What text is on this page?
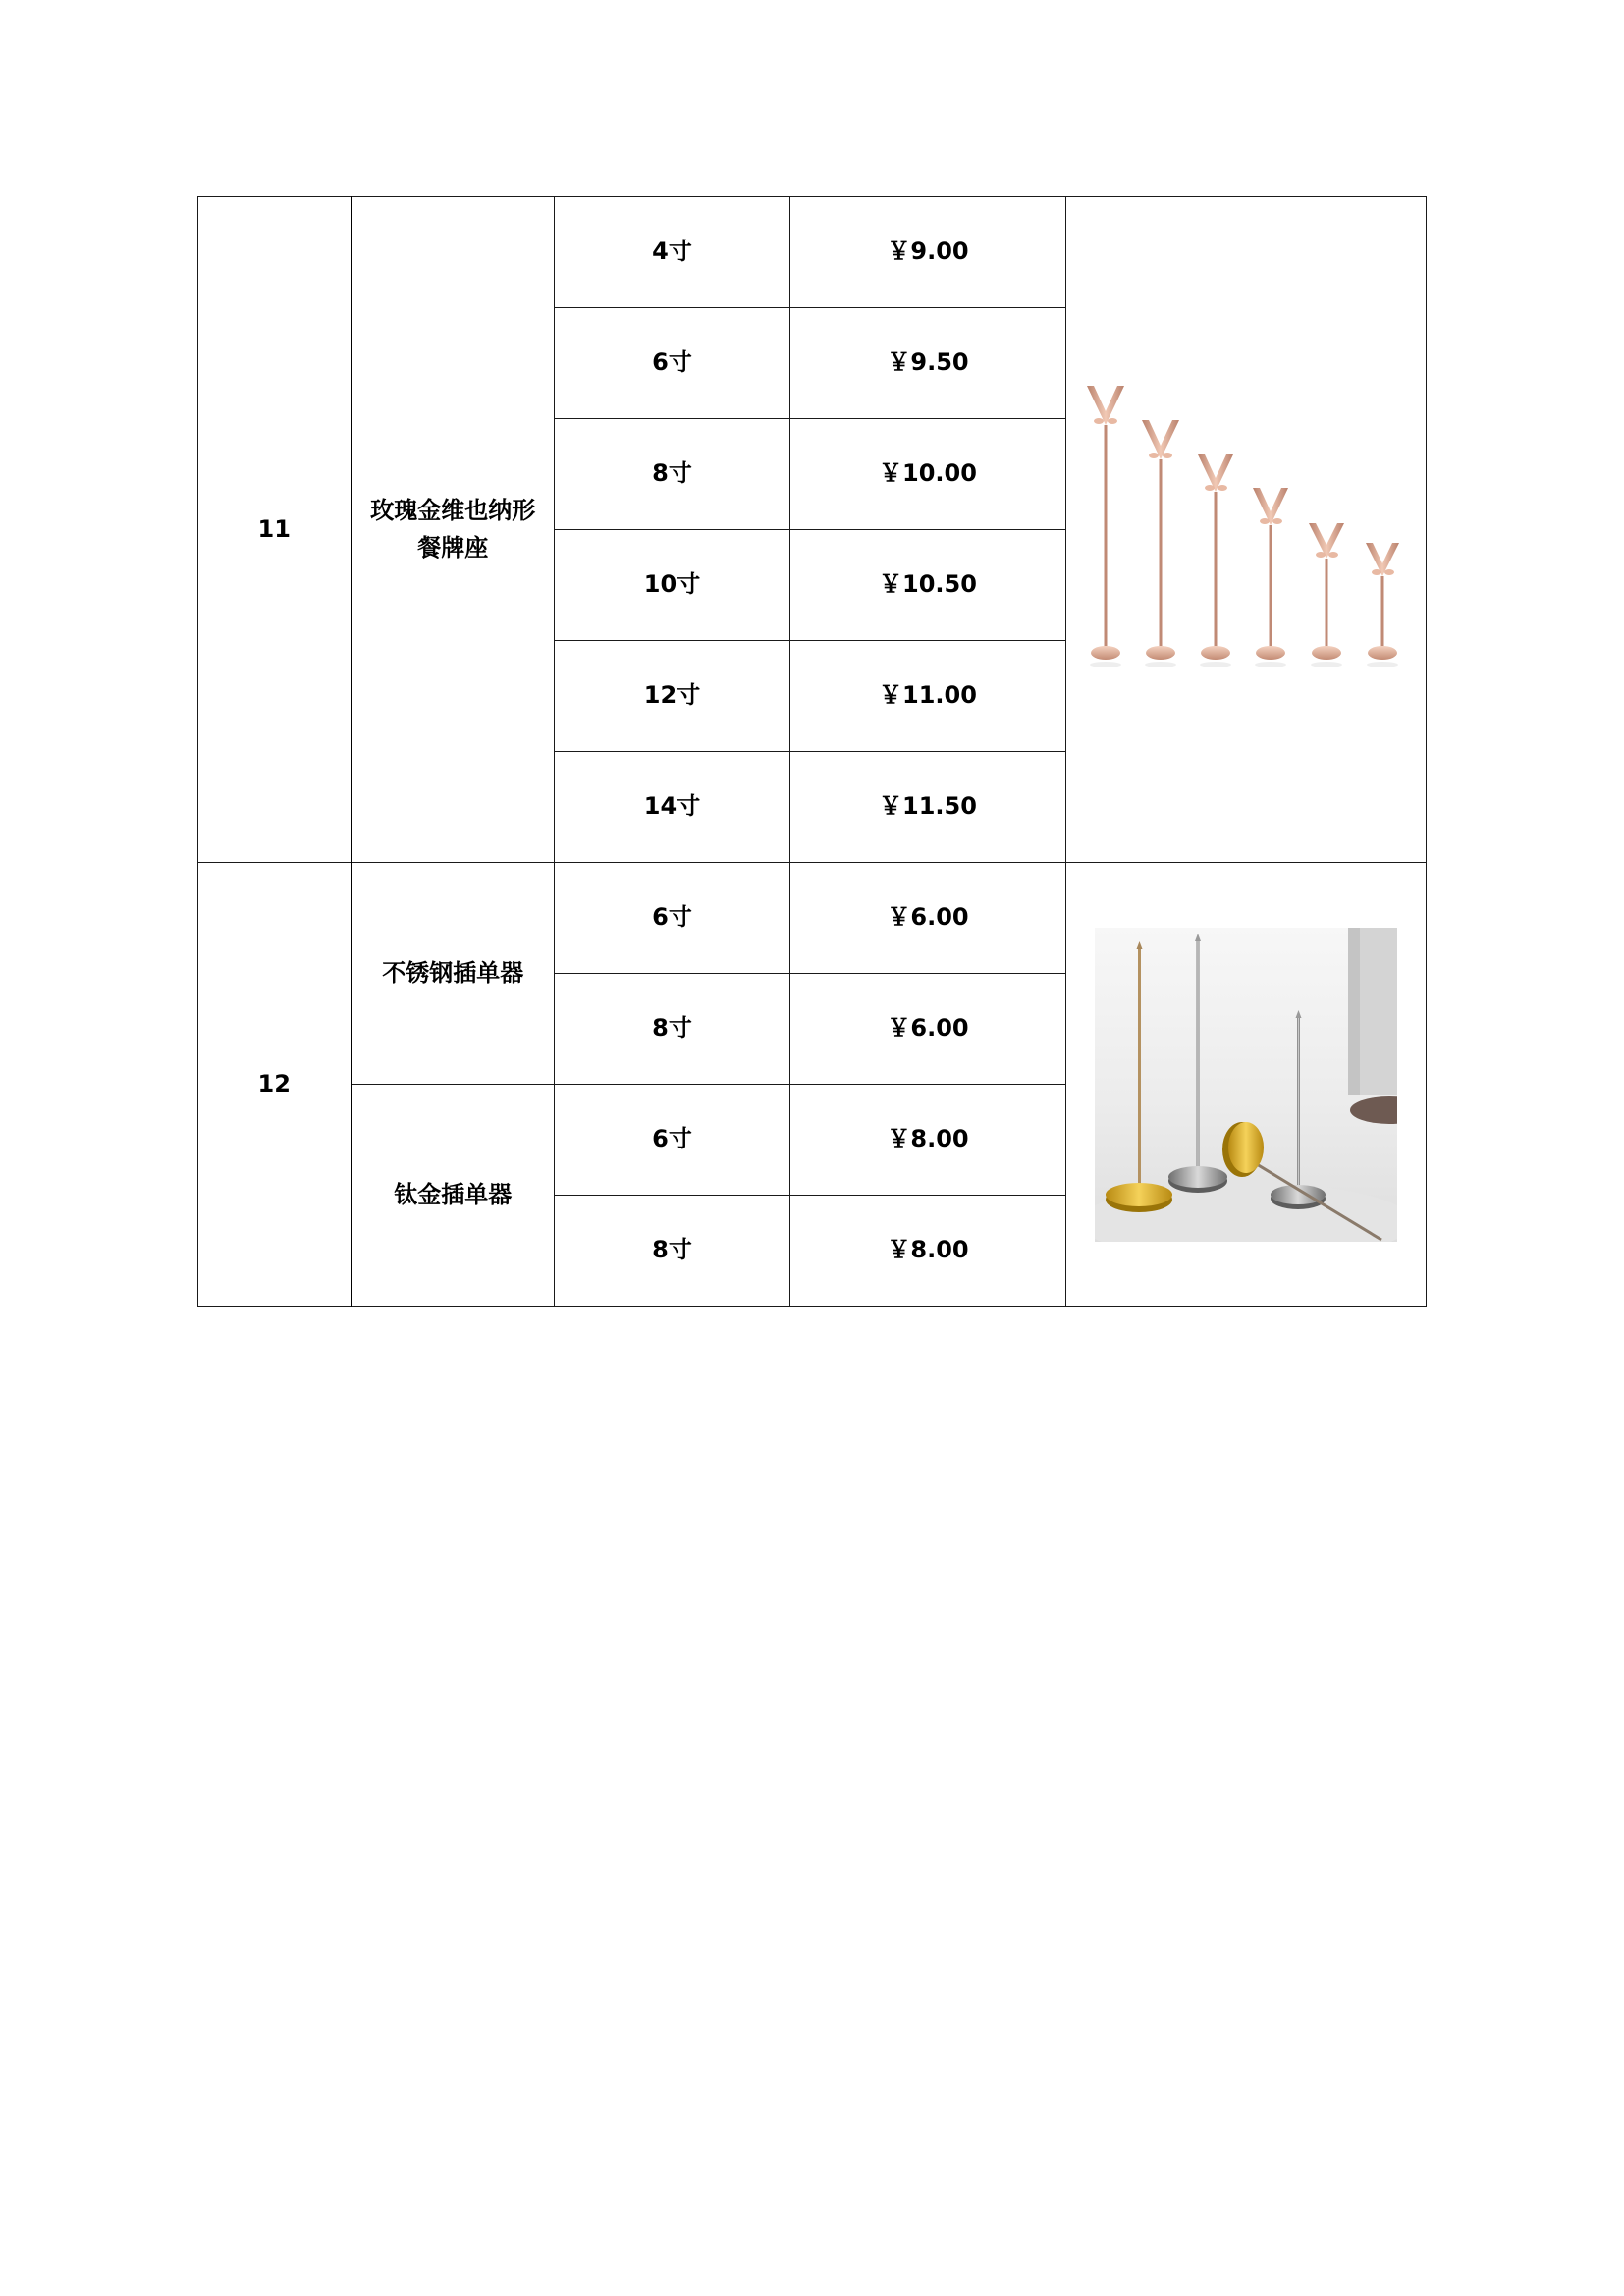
11	玫瑰金维也纳形餐牌座	4寸	￥9.00	

		6寸	￥9.50	
		8寸	￥10.00	
		10寸	￥10.50	
		12寸	￥11.00	
		14寸	￥11.50	
12	不锈钢插单器	6寸	￥6.00	

		8寸	￥6.00	
	钛金插单器	6寸	￥8.00	
		8寸	￥8.00	
